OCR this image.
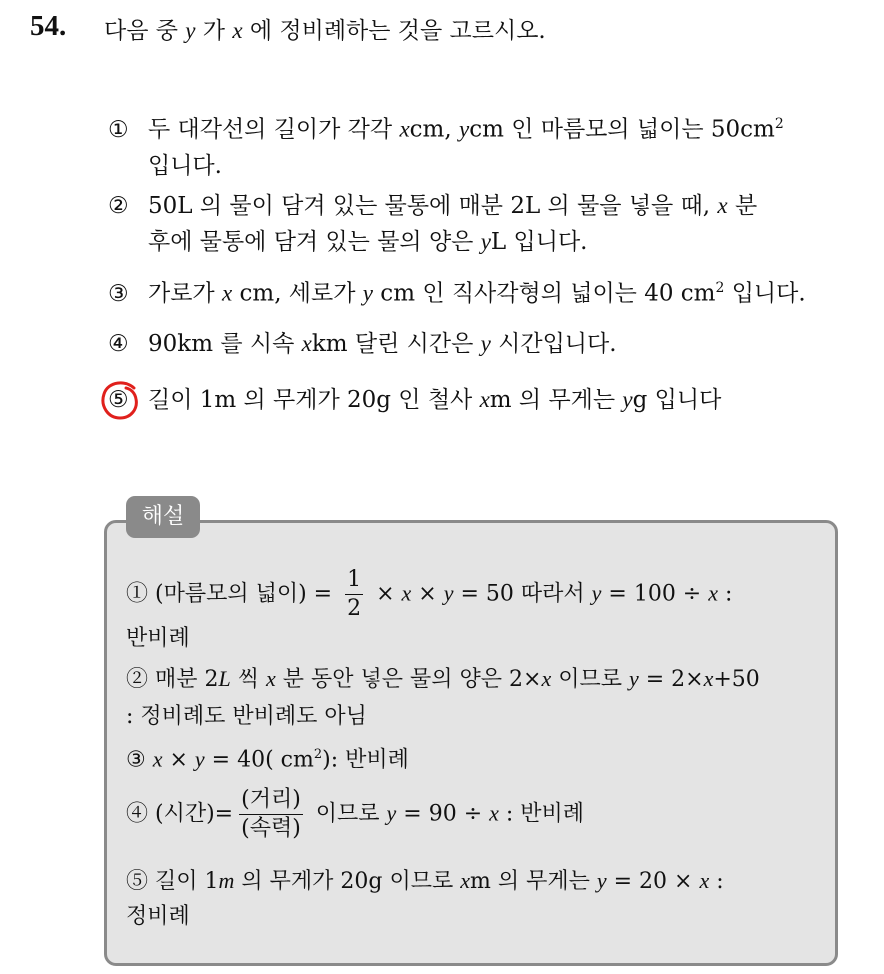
54. 다음 중 y 가 x 에 정비례하는 것을 고르시오.
① 두 대각선의 길이가 각각 xcm, ycm 인 마름모의 넓이는 $50cm^2$
입니다.
② 50L 의 물이 담겨 있는 물통에 매분 2L 의 물을 넣을 때, x 분
후에 물통에 담겨 있는 물의 양은 yL 입니다.
③ 가로가 x cm, 세로가 y cm 인 직사각형의 넓이는 40 $cm^2$ 입니다.
④ 90km 를 시속 xkm 달린 시간은 y 시간입니다.
⑤ 길이 1m 의 무게가 20g 인 철사 xm 의 무게는 yg 입니다
해설
① (마름모의 넓이) = $\frac{1}{2} \times x \times y = 50$ 따라서 y = 100 ÷ x :
반비례
② 매분 2L 씩 x 분 동안 넣은 물의 양은 2×x 이므로 y = 2×x+50
: 정비례도 반비례도 아님
③ x × y = 40( $cm^2$): 반비례
④ (시간)= $\frac{\text{(거리)}}{\text{(속력)}}$ 이므로 y = 90 ÷ x : 반비례
⑤ 길이 1m 의 무게가 20g 이므로 xm 의 무게는 y = 20 × x :
정비례
